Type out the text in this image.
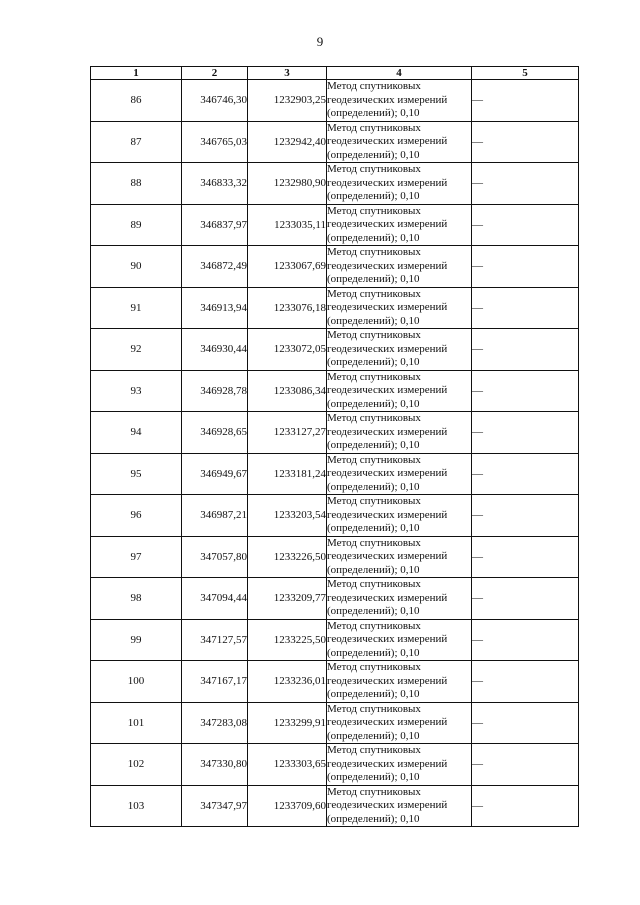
9
1	2	3	4	5
86	346746,30	1232903,25	Метод спутниковых
геодезических измерений
(определений); 0,10	—
87	346765,03	1232942,40	Метод спутниковых
геодезических измерений
(определений); 0,10	—
88	346833,32	1232980,90	Метод спутниковых
геодезических измерений
(определений); 0,10	—
89	346837,97	1233035,11	Метод спутниковых
геодезических измерений
(определений); 0,10	—
90	346872,49	1233067,69	Метод спутниковых
геодезических измерений
(определений); 0,10	—
91	346913,94	1233076,18	Метод спутниковых
геодезических измерений
(определений); 0,10	—
92	346930,44	1233072,05	Метод спутниковых
геодезических измерений
(определений); 0,10	—
93	346928,78	1233086,34	Метод спутниковых
геодезических измерений
(определений); 0,10	—
94	346928,65	1233127,27	Метод спутниковых
геодезических измерений
(определений); 0,10	—
95	346949,67	1233181,24	Метод спутниковых
геодезических измерений
(определений); 0,10	—
96	346987,21	1233203,54	Метод спутниковых
геодезических измерений
(определений); 0,10	—
97	347057,80	1233226,50	Метод спутниковых
геодезических измерений
(определений); 0,10	—
98	347094,44	1233209,77	Метод спутниковых
геодезических измерений
(определений); 0,10	—
99	347127,57	1233225,50	Метод спутниковых
геодезических измерений
(определений); 0,10	—
100	347167,17	1233236,01	Метод спутниковых
геодезических измерений
(определений); 0,10	—
101	347283,08	1233299,91	Метод спутниковых
геодезических измерений
(определений); 0,10	—
102	347330,80	1233303,65	Метод спутниковых
геодезических измерений
(определений); 0,10	—
103	347347,97	1233709,60	Метод спутниковых
геодезических измерений
(определений); 0,10	—
